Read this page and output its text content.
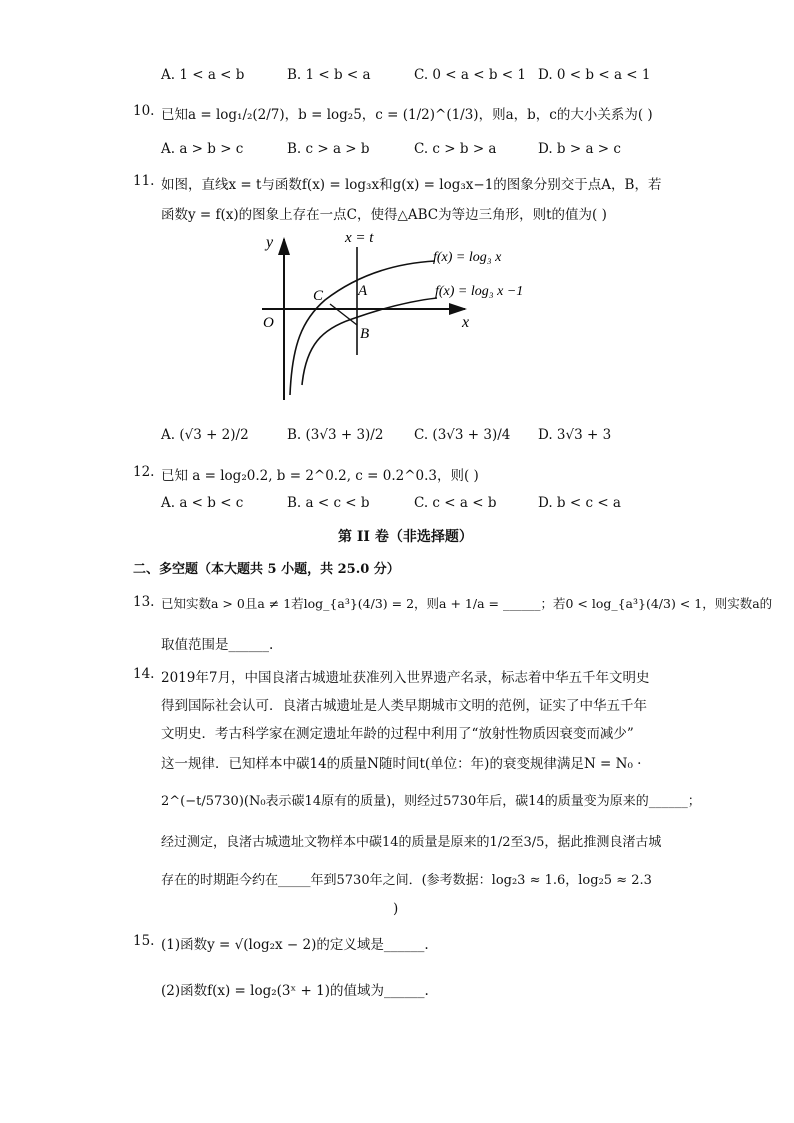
A. 1 < a < b	B. 1 < b < a	C. 0 < a < b < 1 D. 0 < b < a < 1
10. 已知a = log₁/₂(2/7)，b = log₂5，c = (1/2)^(1/3)，则a，b，c的大小关系为( )
A. a > b > c	B. c > a > b	C. c > b > a	D. b > a > c
11. 如图，直线x = t与函数f(x) = log₃x和g(x) = log₃x−1的图象分别交于点A，B，若
函数y = f(x)的图象上存在一点C，使得△ABC为等边三角形，则t的值为( )
y
x
O
x = t
f(x) = log₃ x
f(x) = log₃ x −1
A
B
C
A. (√3 + 2)/2	B. (3√3 + 3)/2 C. (3√3 + 3)/4 D. 3√3 + 3
12. 已知 a = log₂0.2, b = 2^0.2, c = 0.2^0.3，则( )
A. a < b < c	B. a < c < b	C. c < a < b	D. b < c < a
第 II 卷（非选择题）
二、多空题（本大题共 5 小题，共 25.0 分）
13. 已知实数a > 0且a ≠ 1若log_{a³}(4/3) = 2，则a + 1/a = ______；若0 < log_{a³}(4/3) < 1，则实数a的
取值范围是______.
14. 2019年7月，中国良渚古城遗址获准列入世界遗产名录，标志着中华五千年文明史
得到国际社会认可．良渚古城遗址是人类早期城市文明的范例，证实了中华五千年
文明史．考古科学家在测定遗址年龄的过程中利用了“放射性物质因衰变而减少”
这一规律．已知样本中碳14的质量N随时间t(单位：年)的衰变规律满足N = N₀ ·
2^(−t/5730)(N₀表示碳14原有的质量)，则经过5730年后，碳14的质量变为原来的______；
经过测定，良渚古城遗址文物样本中碳14的质量是原来的1/2至3/5，据此推测良渚古城
存在的时期距今约在_____年到5730年之间．(参考数据：log₂3 ≈ 1.6，log₂5 ≈ 2.3
)
15. (1)函数y = √(log₂x − 2)的定义域是______.
(2)函数f(x) = log₂(3ˣ + 1)的值域为______.
